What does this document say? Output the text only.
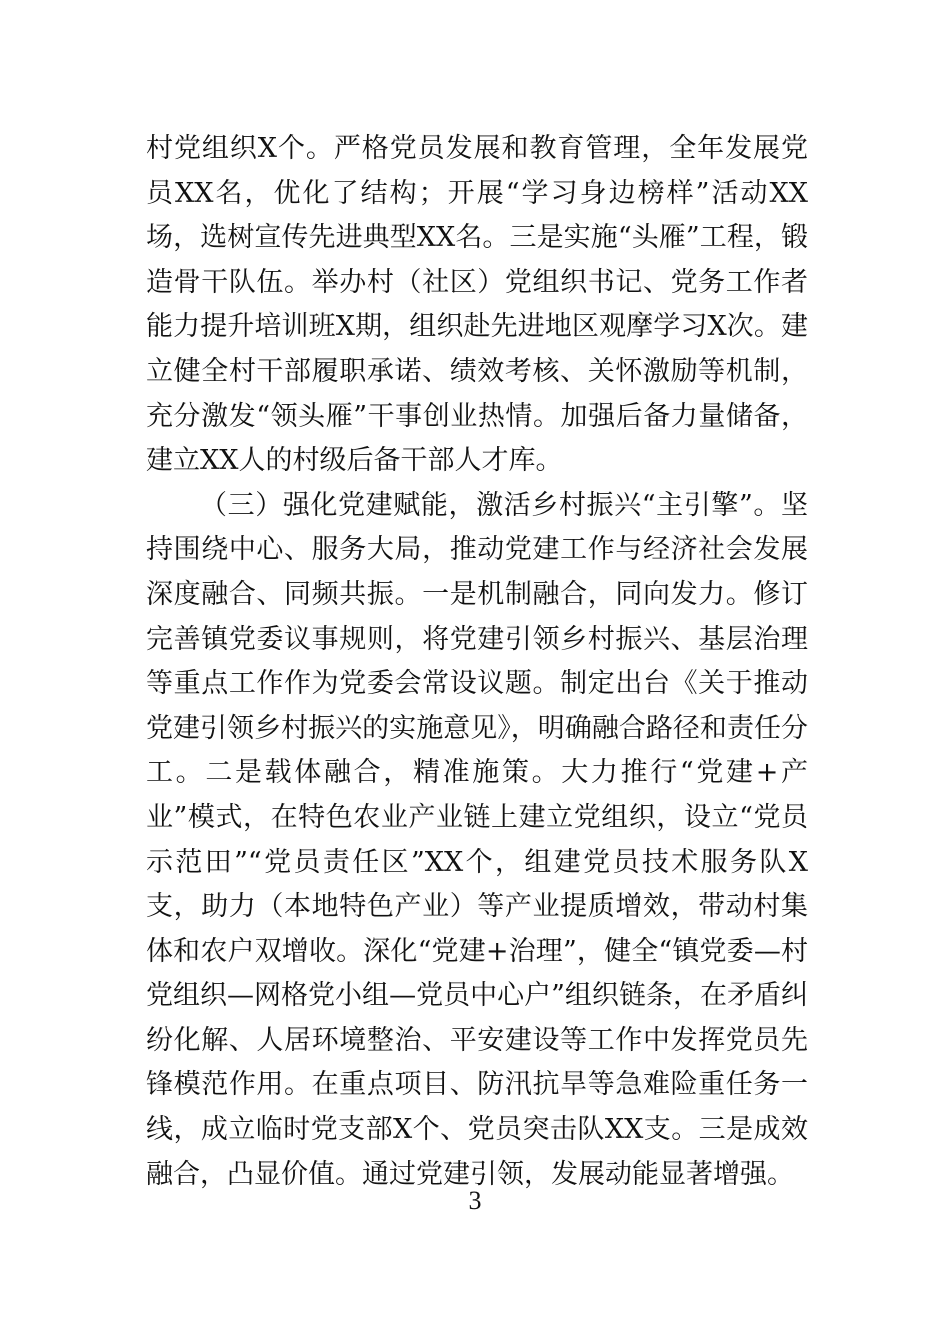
村党组织X个。严格党员发展和教育管理，全年发展党员XX名，优化了结构；开展“学习身边榜样”活动XX场，选树宣传先进典型XX名。三是实施“头雁”工程，锻造骨干队伍。举办村（社区）党组织书记、党务工作者能力提升培训班X期，组织赴先进地区观摩学习X次。建立健全村干部履职承诺、绩效考核、关怀激励等机制，充分激发“领头雁”干事创业热情。加强后备力量储备，建立XX人的村级后备干部人才库。

（三）强化党建赋能，激活乡村振兴“主引擎”。坚持围绕中心、服务大局，推动党建工作与经济社会发展深度融合、同频共振。一是机制融合，同向发力。修订完善镇党委议事规则，将党建引领乡村振兴、基层治理等重点工作作为党委会常设议题。制定出台《关于推动党建引领乡村振兴的实施意见》，明确融合路径和责任分工。二是载体融合，精准施策。大力推行“党建+产业”模式，在特色农业产业链上建立党组织，设立“党员示范田”“党员责任区”XX个，组建党员技术服务队X支，助力（本地特色产业）等产业提质增效，带动村集体和农户双增收。深化“党建+治理”，健全“镇党委—村党组织—网格党小组—党员中心户”组织链条，在矛盾纠纷化解、人居环境整治、平安建设等工作中发挥党员先锋模范作用。在重点项目、防汛抗旱等急难险重任务一线，成立临时党支部X个、党员突击队XX支。三是成效融合，凸显价值。通过党建引领，发展动能显著增强。

3
